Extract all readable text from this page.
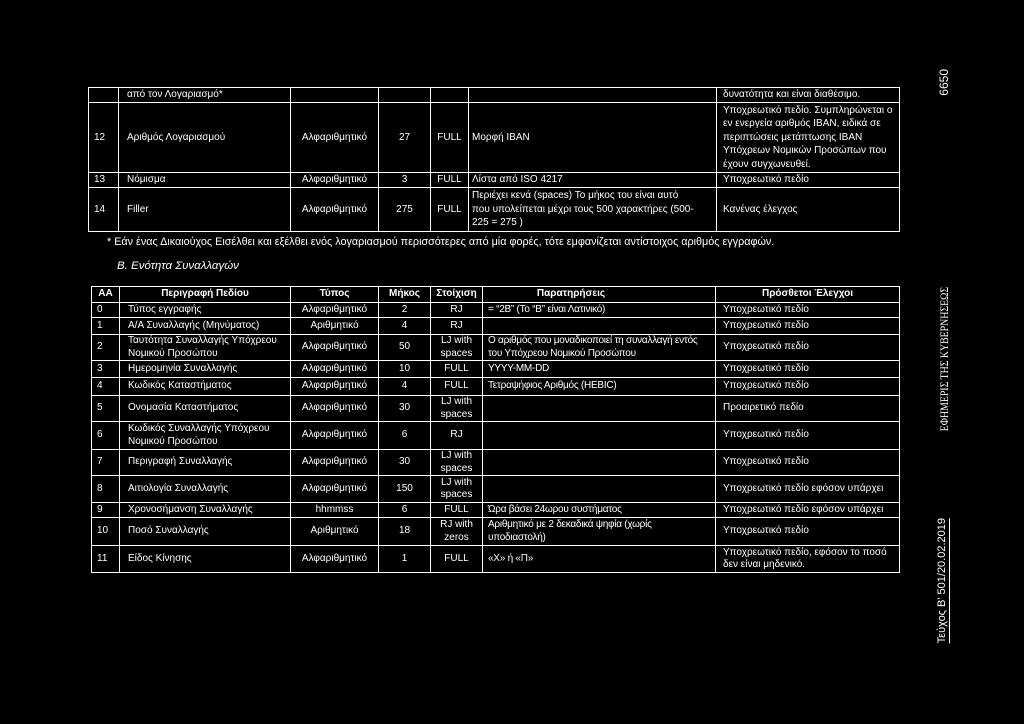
	από τον Λογαριασμό*					δυνατότητα και είναι διαθέσιμο.
12	Αριθμός Λογαριασμού	Αλφαριθμητικό	27	FULL	Μορφή IBAN	Υποχρεωτικό πεδίο. Συμπληρώνεται ο
εν ενεργεία αριθμός IBAN, ειδικά σε
περιπτώσεις μετάπτωσης IBAN
Υπόχρεων Νομικών Προσώπων που
έχουν συγχωνευθεί.
13	Νόμισμα	Αλφαριθμητικό	3	FULL	Λίστα από ISO 4217	Υποχρεωτικό πεδίο
14	Filler	Αλφαριθμητικό	275	FULL	Περιέχει κενά (spaces) Το μήκος του είναι αυτό
που υπολείπεται μέχρι τους 500 χαρακτήρες (500-
225 = 275 )	Κανένας έλεγχος
* Εάν ένας Δικαιούχος Εισέλθει και εξέλθει ενός λογαριασμού περισσότερες από μία φορές, τότε εμφανίζεται αντίστοιχος αριθμός εγγραφών.
Β. Ενότητα Συναλλαγών
ΑΑ	Περιγραφή Πεδίου	Τύπος	Μήκος	Στοίχιση	Παρατηρήσεις	Πρόσθετοι Έλεγχοι
0	Τύπος εγγραφής	Αλφαριθμητικό	2	RJ	= “2B” (Το “B” είναι Λατινικό)	Υποχρεωτικό πεδίο
1	Α/Α Συναλλαγής (Μηνύματος)	Αριθμητικό	4	RJ		Υποχρεωτικό πεδίο
2	Ταυτότητα Συναλλαγής Υπόχρεου
Νομικού Προσώπου	Αλφαριθμητικό	50	LJ with
spaces	Ο αριθμός που μοναδικοποιεί τη συναλλαγή εντός
του Υπόχρεου Νομικού Προσώπου	Υποχρεωτικό πεδίο
3	Ημερομηνία Συναλλαγής	Αλφαριθμητικό	10	FULL	YYYY-MM-DD	Υποχρεωτικό πεδίο
4	Κωδικός Καταστήματος	Αλφαριθμητικό	4	FULL	Τετραψήφιος Αριθμός (HEBIC)	Υποχρεωτικό πεδίο
5	Ονομασία Καταστήματος	Αλφαριθμητικό	30	LJ with
spaces		Προαιρετικό πεδίο
6	Κωδικός Συναλλαγής Υπόχρεου
Νομικού Προσώπου	Αλφαριθμητικό	6	RJ		Υποχρεωτικό πεδίο
7	Περιγραφή Συναλλαγής	Αλφαριθμητικό	30	LJ with
spaces		Υποχρεωτικό πεδίο
8	Αιτιολογία Συναλλαγής	Αλφαριθμητικό	150	LJ with
spaces		Υποχρεωτικό πεδίο εφόσον υπάρχει
9	Χρονοσήμανση Συναλλαγής	hhmmss	6	FULL	Ώρα βάσει 24ωρου συστήματος	Υποχρεωτικό πεδίο εφόσον υπάρχει
10	Ποσό Συναλλαγής	Αριθμητικό	18	RJ with
zeros	Αριθμητικό με 2 δεκαδικά ψηφία (χωρίς
υποδιαστολή)	Υποχρεωτικό πεδίο
11	Είδος Κίνησης	Αλφαριθμητικό	1	FULL	«Χ» ή «Π»	Υποχρεωτικό πεδίο, εφόσον το ποσό
δεν είναι μηδενικό.
6650
ΕΦΗΜΕΡΙΣ ΤΗΣ ΚΥΒΕΡΝΗΣΕΩΣ
Τεύχος Β' 501/20.02.2019
